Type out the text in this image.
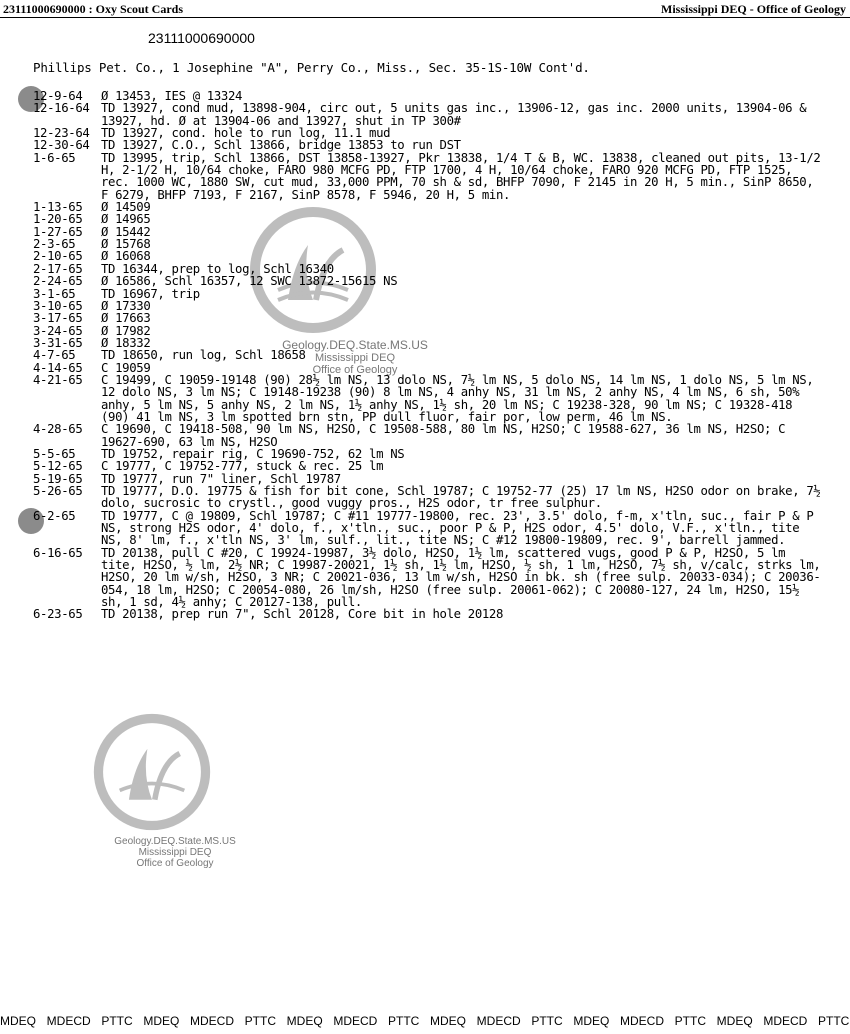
23111000690000 : Oxy Scout Cards	Mississippi DEQ - Office of Geology
23111000690000
Phillips Pet. Co., 1 Josephine "A", Perry Co., Miss., Sec. 35-1S-10W Cont'd.
Geology.DEQ.State.MS.US
Mississippi DEQ
Office of Geology
Geology.DEQ.State.MS.US
Mississippi DEQ
Office of Geology
12-9-64	Ø 13453, IES @ 13324
12-16-64 TD 13927, cond mud, 13898-904, circ out, 5 units gas inc., 13906-12, gas inc. 2000 units, 13904-06 & 13927, hd. Ø at 13904-06 and 13927, shut in TP 300#
12-23-64 TD 13927, cond. hole to run log, 11.1 mud
12-30-64 TD 13927, C.O., Schl 13866, bridge 13853 to run DST
1-6-65	TD 13995, trip, Schl 13866, DST 13858-13927, Pkr 13838, 1/4 T & B, WC. 13838, cleaned out pits, 13-1/2 H, 2-1/2 H, 10/64 choke, FARO 980 MCFG PD, FTP 1700, 4 H, 10/64 choke, FARO 920 MCFG PD, FTP 1525, rec. 1000 WC, 1880 SW, cut mud, 33,000 PPM, 70 sh & sd, BHFP 7090, F 2145 in 20 H, 5 min., SinP 8650, F 6279, BHFP 7193, F 2167, SinP 8578, F 5946, 20 H, 5 min.
1-13-65	Ø 14509
1-20-65	Ø 14965
1-27-65	Ø 15442
2-3-65	Ø 15768
2-10-65	Ø 16068
2-17-65	TD 16344, prep to log, Schl 16340
2-24-65	Ø 16586, Schl 16357, 12 SWC 13872-15615 NS
3-1-65	TD 16967, trip
3-10-65	Ø 17330
3-17-65	Ø 17663
3-24-65	Ø 17982
3-31-65	Ø 18332
4-7-65	TD 18650, run log, Schl 18658
4-14-65	C 19059
4-21-65	C 19499, C 19059-19148 (90) 28½ lm NS, 13 dolo NS, 7½ lm NS, 5 dolo NS, 14 lm NS, 1 dolo NS, 5 lm NS, 12 dolo NS, 3 lm NS; C 19148-19238 (90) 8 lm NS, 4 anhy NS, 31 lm NS, 2 anhy NS, 4 lm NS, 6 sh, 50% anhy, 5 lm NS, 5 anhy NS, 2 lm NS, 1½ anhy NS, 1½ sh, 20 lm NS; C 19238-328, 90 lm NS; C 19328-418 (90) 41 lm NS, 3 lm spotted brn stn, PP dull fluor, fair por, low perm, 46 lm NS.
4-28-65	C 19690, C 19418-508, 90 lm NS, H2SO, C 19508-588, 80 lm NS, H2SO; C 19588-627, 36 lm NS, H2SO; C 19627-690, 63 lm NS, H2SO
5-5-65	TD 19752, repair rig, C 19690-752, 62 lm NS
5-12-65	C 19777, C 19752-777, stuck & rec. 25 lm
5-19-65	TD 19777, run 7" liner, Schl 19787
5-26-65	TD 19777, D.O. 19775 & fish for bit cone, Schl 19787; C 19752-77 (25) 17 lm NS, H2SO odor on brake, 7½ dolo, sucrosic to crystl., good vuggy pros., H2S odor, tr free sulphur.
6-2-65	TD 19777, C @ 19809, Schl 19787; C #11 19777-19800, rec. 23', 3.5' dolo, f-m, x'tln, suc., fair P & P NS, strong H2S odor, 4' dolo, f., x'tln., suc., poor P & P, H2S odor, 4.5' dolo, V.F., x'tln., tite NS, 8' lm, f., x'tln NS, 3' lm, sulf., lit., tite NS; C #12 19800-19809, rec. 9', barrell jammed.
6-16-65	TD 20138, pull C #20, C 19924-19987, 3½ dolo, H2SO, 1½ lm, scattered vugs, good P & P, H2SO, 5 lm tite, H2SO, ½ lm, 2½ NR; C 19987-20021, 1½ sh, 1½ lm, H2SO, ½ sh, 1 lm, H2SO, 7½ sh, v/calc, strks lm, H2SO, 20 lm w/sh, H2SO, 3 NR; C 20021-036, 13 lm w/sh, H2SO in bk. sh (free sulp. 20033-034); C 20036-054, 18 lm, H2SO; C 20054-080, 26 lm/sh, H2SO (free sulp. 20061-062); C 20080-127, 24 lm, H2SO, 15½ sh, 1 sd, 4½ anhy; C 20127-138, pull.
6-23-65	TD 20138, prep run 7", Schl 20128, Core bit in hole 20128
MDEQ  MDECD  PTTC  MDEQ  MDECD  PTTC  MDEQ  MDECD  PTTC  MDEQ  MDECD  PTTC  MDEQ  MDECD  PTTC  MDEQ  MDECD  PTTC
